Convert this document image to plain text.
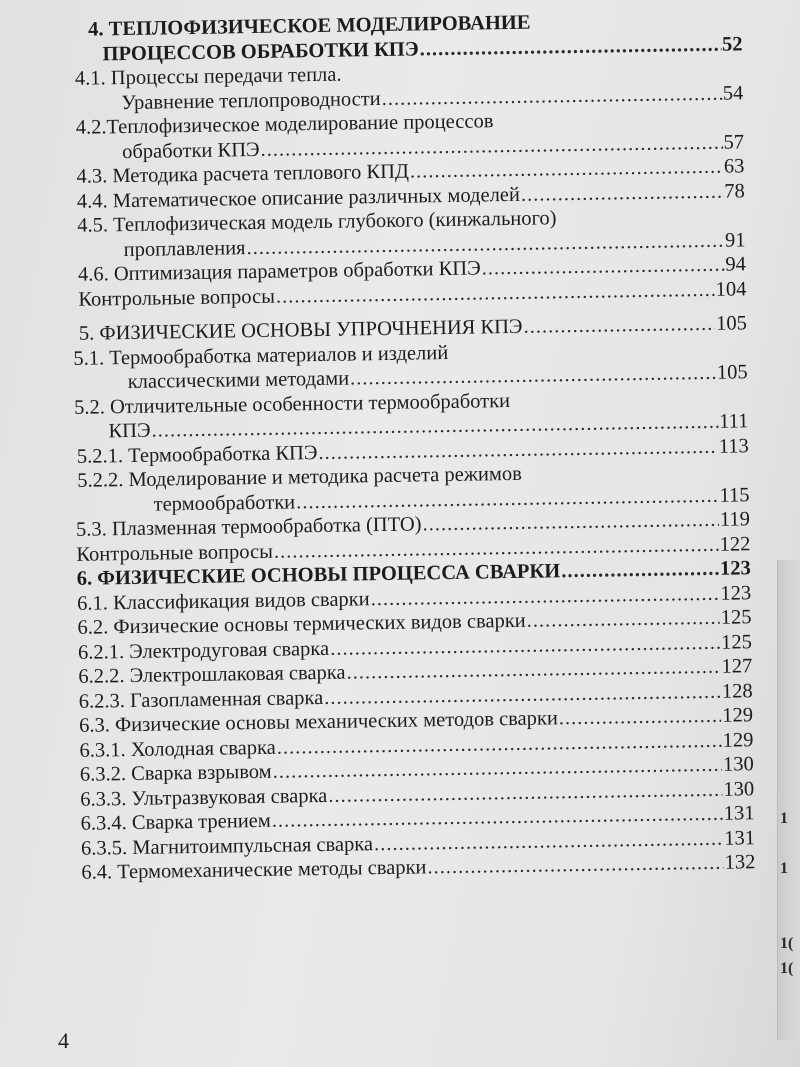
1
1
1(
1(
4. ТЕПЛОФИЗИЧЕСКОЕ МОДЕЛИРОВАНИЕ
ПРОЦЕССОВ ОБРАБОТКИ КПЭ .....	52
4.1. Процессы передачи тепла.
Уравнение теплопроводности .....	54
4.2.Теплофизическое моделирование процессов
обработки КПЭ .....	57
4.3. Методика расчета теплового КПД .....	63
4.4. Математическое описание различных моделей .....	78
4.5. Теплофизическая модель глубокого (кинжального)
проплавления .....	91
4.6. Оптимизация параметров обработки КПЭ .....	94
Контрольные вопросы .....	104
5. ФИЗИЧЕСКИЕ ОСНОВЫ УПРОЧНЕНИЯ КПЭ .....	105
5.1. Термообработка материалов и изделий
классическими методами .....	105
5.2. Отличительные особенности термообработки
КПЭ .....	111
5.2.1. Термообработка КПЭ .....	113
5.2.2. Моделирование и методика расчета режимов
термообработки .....	115
5.3. Плазменная термообработка (ПТО) .....	119
Контрольные вопросы .....	122
6. ФИЗИЧЕСКИЕ ОСНОВЫ ПРОЦЕССА СВАРКИ .....	123
6.1. Классификация видов сварки .....	123
6.2. Физические основы термических видов сварки .....	125
6.2.1. Электродуговая сварка .....	125
6.2.2. Электрошлаковая сварка .....	127
6.2.3. Газопламенная сварка .....	128
6.3. Физические основы механических методов сварки .....	129
6.3.1. Холодная сварка .....	129
6.3.2. Сварка взрывом .....	130
6.3.3. Ультразвуковая сварка .....	130
6.3.4. Сварка трением .....	131
6.3.5. Магнитоимпульсная сварка .....	131
6.4. Термомеханические методы сварки .....	132
4
